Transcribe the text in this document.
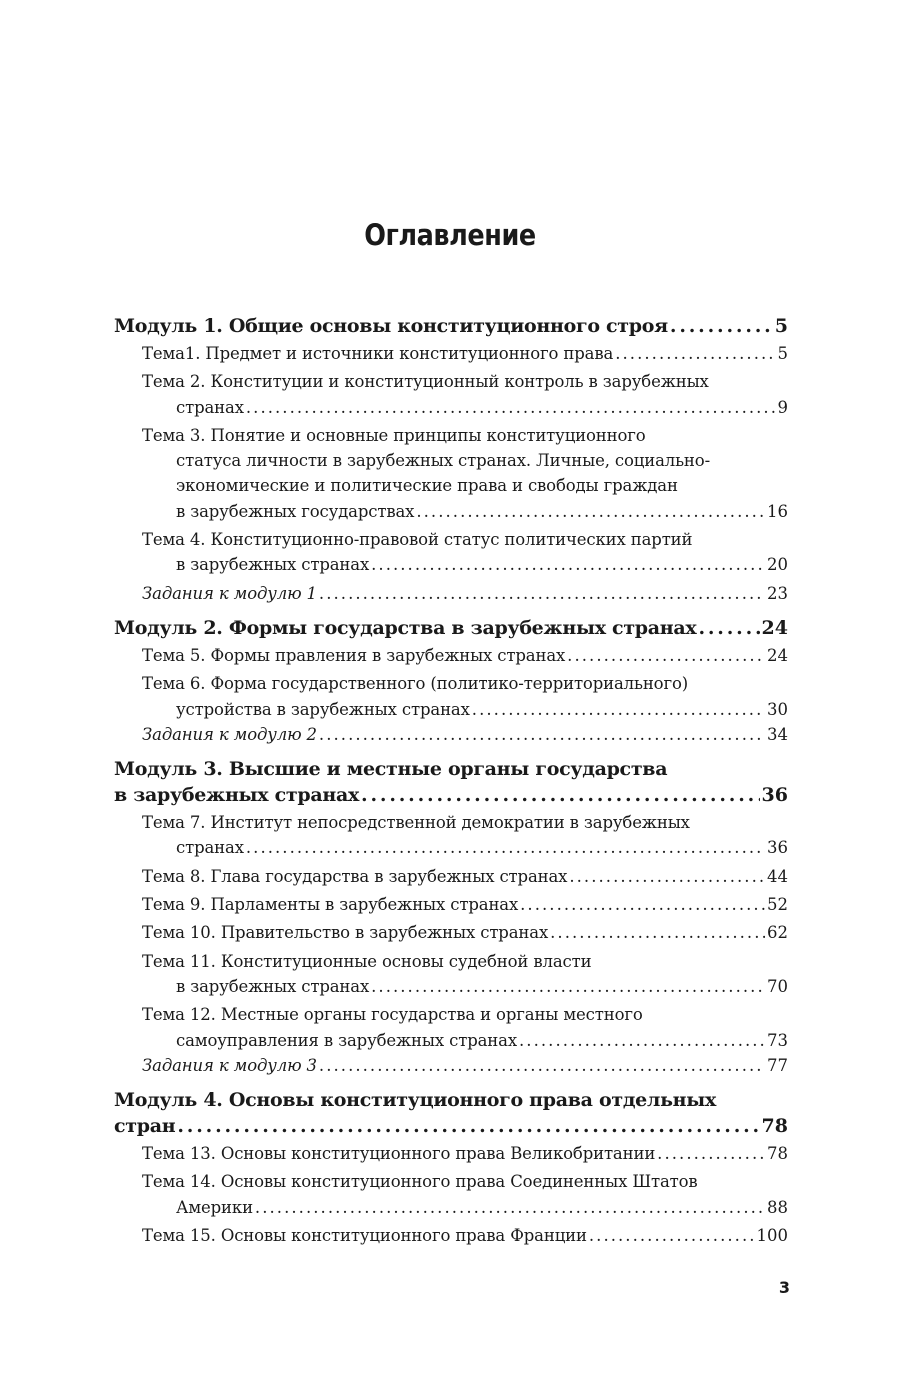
Оглавление
Модуль 1. Общие основы конституционного строя . . .	5
Тема1. Предмет и источники конституционного права . . .	5
Тема 2. Конституции и конституционный контроль в зарубежных
странах . . .	9
Тема 3. Понятие и основные принципы конституционного
статуса личности в зарубежных странах. Личные, социально-
экономические и политические права и свободы граждан
в зарубежных государствах . . .	16
Тема 4. Конституционно-правовой статус политических партий
в зарубежных странах . . .	20
Задания к модулю 1 . . .	23
Модуль 2. Формы государства в зарубежных странах . . .	24
Тема 5. Формы правления в зарубежных странах . . .	24
Тема 6. Форма государственного (политико-территориального)
устройства в зарубежных странах . . .	30
Задания к модулю 2 . . .	34
Модуль 3. Высшие и местные органы государства
в зарубежных странах . . .	36
Тема 7. Институт непосредственной демократии в зарубежных
странах . . .	36
Тема 8. Глава государства в зарубежных странах . . .	44
Тема 9. Парламенты в зарубежных странах . . .	52
Тема 10. Правительство в зарубежных странах . . .	62
Тема 11. Конституционные основы судебной власти
в зарубежных странах . . .	70
Тема 12. Местные органы государства и органы местного
самоуправления в зарубежных странах . . .	73
Задания к модулю 3 . . .	77
Модуль 4. Основы конституционного права отдельных
стран . . .	78
Тема 13. Основы конституционного права Великобритании . . .	78
Тема 14. Основы конституционного права Соединенных Штатов
Америки . . .	88
Тема 15. Основы конституционного права Франции . . .	100
3
